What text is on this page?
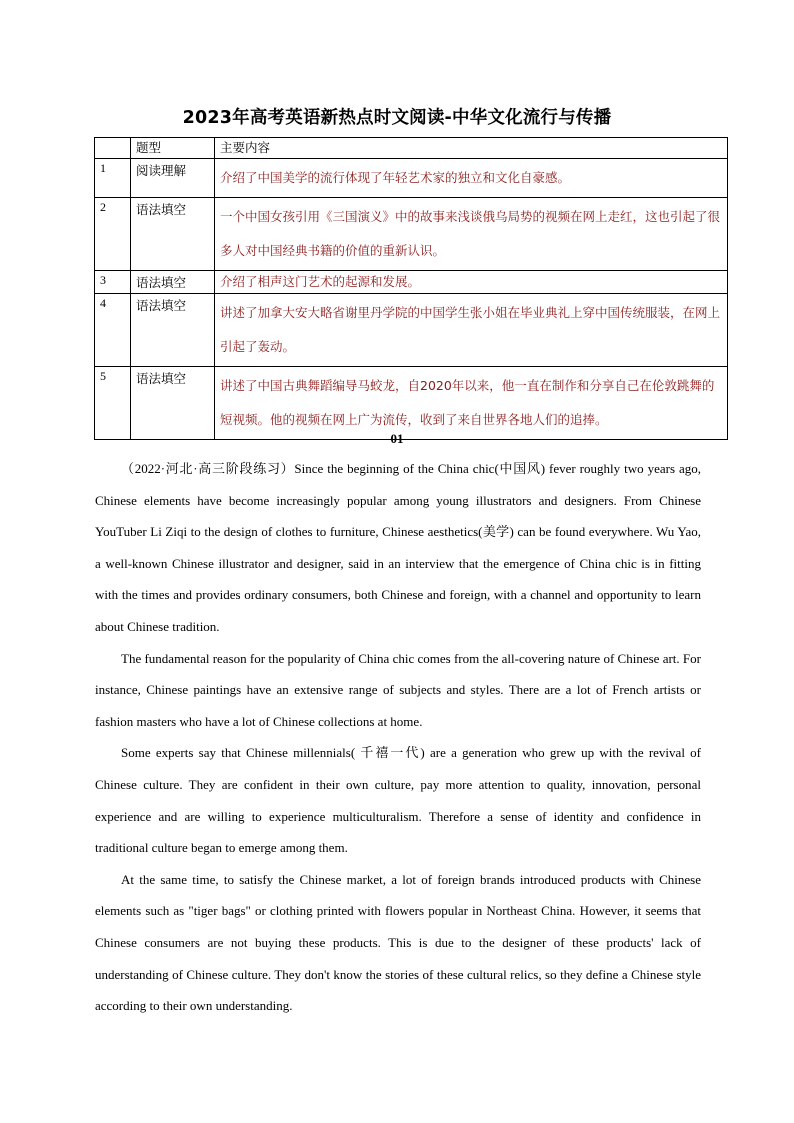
2023年高考英语新热点时文阅读-中华文化流行与传播
	题型	主要内容
1	阅读理解	介绍了中国美学的流行体现了年轻艺术家的独立和文化自豪感。
2	语法填空	一个中国女孩引用《三国演义》中的故事来浅谈俄乌局势的视频在网上走红，这也引起了很多人对中国经典书籍的价值的重新认识。
3	语法填空	介绍了相声这门艺术的起源和发展。
4	语法填空	讲述了加拿大安大略省谢里丹学院的中国学生张小姐在毕业典礼上穿中国传统服装，在网上引起了轰动。
5	语法填空	讲述了中国古典舞蹈编导马蛟龙，自2020年以来，他一直在制作和分享自己在伦敦跳舞的短视频。他的视频在网上广为流传，收到了来自世界各地人们的追捧。
01

（2022·河北·高三阶段练习）Since the beginning of the China chic(中国风) fever roughly two years ago, Chinese elements have become increasingly popular among young illustrators and designers. From Chinese YouTuber Li Ziqi to the design of clothes to furniture, Chinese aesthetics(美学) can be found everywhere. Wu Yao, a well-known Chinese illustrator and designer, said in an interview that the emergence of China chic is in fitting with the times and provides ordinary consumers, both Chinese and foreign, with a channel and opportunity to learn about Chinese tradition.

The fundamental reason for the popularity of China chic comes from the all-covering nature of Chinese art. For instance, Chinese paintings have an extensive range of subjects and styles. There are a lot of French artists or fashion masters who have a lot of Chinese collections at home.

Some experts say that Chinese millennials( 千禧一代) are a generation who grew up with the revival of Chinese culture. They are confident in their own culture, pay more attention to quality, innovation, personal experience and are willing to experience multiculturalism. Therefore a sense of identity and confidence in traditional culture began to emerge among them.

At the same time, to satisfy the Chinese market, a lot of foreign brands introduced products with Chinese elements such as "tiger bags" or clothing printed with flowers popular in Northeast China. However, it seems that Chinese consumers are not buying these products. This is due to the designer of these products' lack of understanding of Chinese culture. They don't know the stories of these cultural relics, so they define a Chinese style according to their own understanding.
